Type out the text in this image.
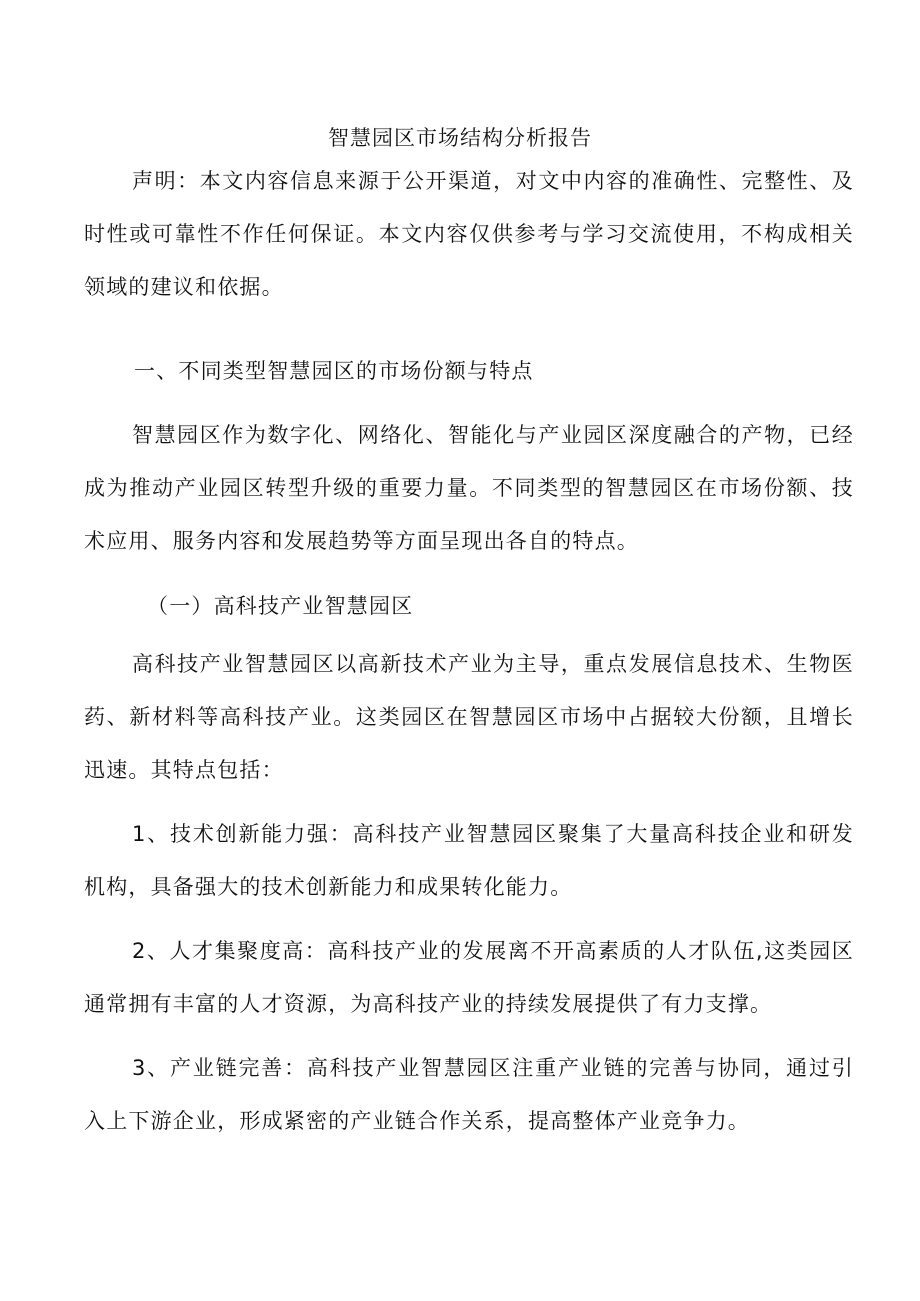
智慧园区市场结构分析报告

声明：本文内容信息来源于公开渠道，对文中内容的准确性、完整性、及时性或可靠性不作任何保证。本文内容仅供参考与学习交流使用，不构成相关领域的建议和依据。

一、不同类型智慧园区的市场份额与特点

智慧园区作为数字化、网络化、智能化与产业园区深度融合的产物，已经成为推动产业园区转型升级的重要力量。不同类型的智慧园区在市场份额、技术应用、服务内容和发展趋势等方面呈现出各自的特点。

（一）高科技产业智慧园区

高科技产业智慧园区以高新技术产业为主导，重点发展信息技术、生物医药、新材料等高科技产业。这类园区在智慧园区市场中占据较大份额，且增长迅速。其特点包括：

1、技术创新能力强：高科技产业智慧园区聚集了大量高科技企业和研发机构，具备强大的技术创新能力和成果转化能力。

2、人才集聚度高：高科技产业的发展离不开高素质的人才队伍,这类园区通常拥有丰富的人才资源，为高科技产业的持续发展提供了有力支撑。

3、产业链完善：高科技产业智慧园区注重产业链的完善与协同，通过引入上下游企业，形成紧密的产业链合作关系，提高整体产业竞争力。
